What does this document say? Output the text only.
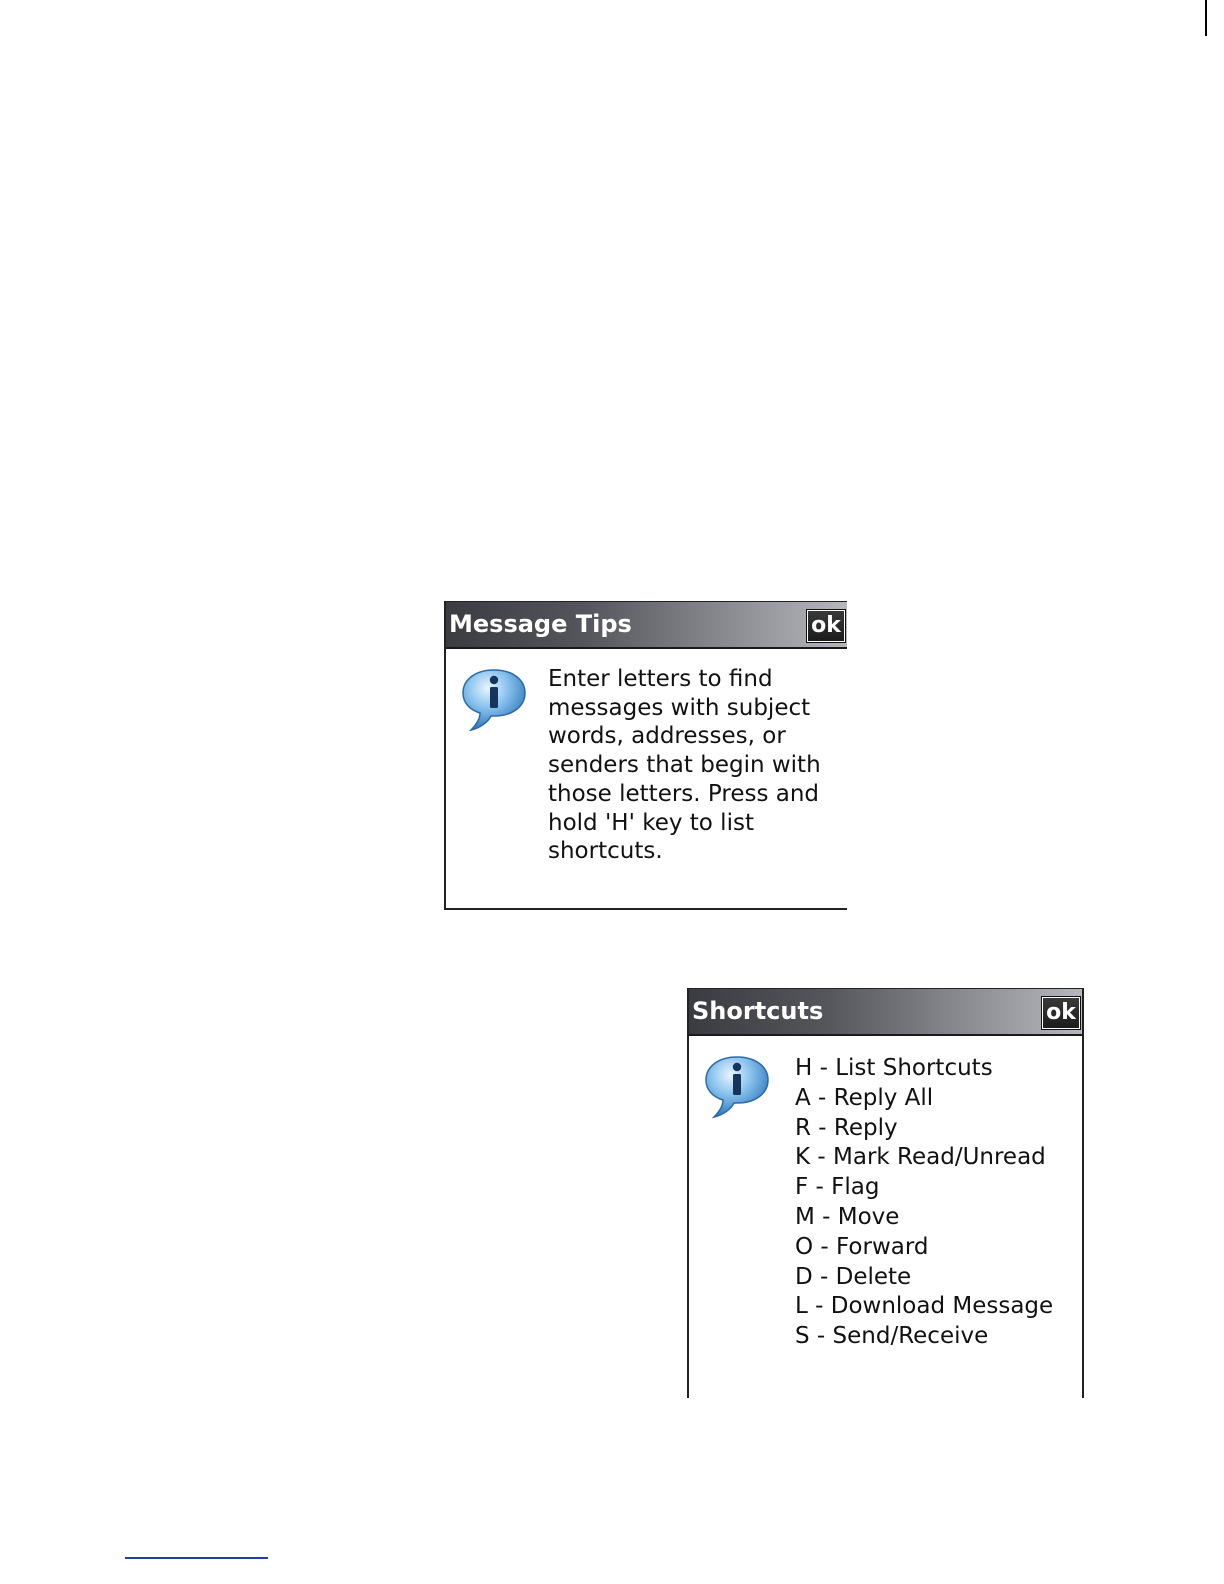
Message Tips	ok
Enter letters to find
messages with subject
words, addresses, or
senders that begin with
those letters. Press and
hold 'H' key to list
shortcuts.
Shortcuts	ok
H - List Shortcuts
A - Reply All
R - Reply
K - Mark Read/Unread
F - Flag
M - Move
O - Forward
D - Delete
L - Download Message
S - Send/Receive
